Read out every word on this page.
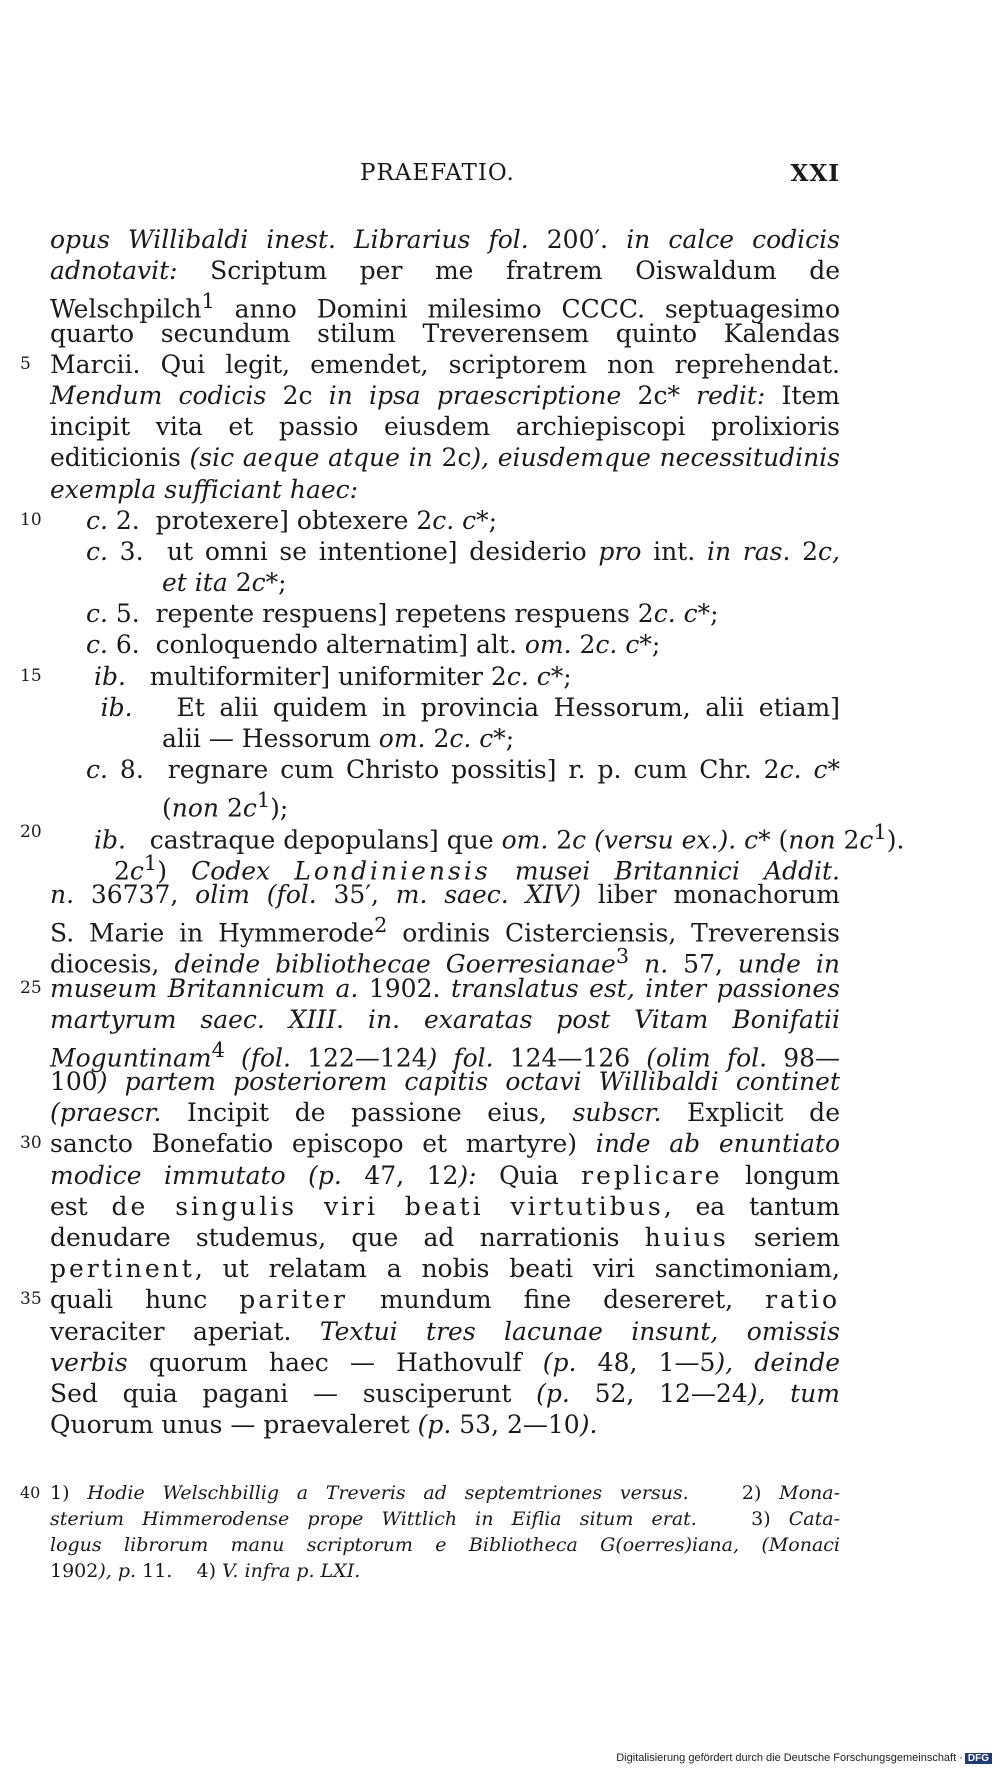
PRAEFATIO.	XXI
opus Willibaldi inest. Librarius fol. 200′. in calce codicis
adnotavit: Scriptum per me fratrem Oiswaldum de
Welschpilch$^1$ anno Domini milesimo CCCC. septuagesimo
quarto secundum stilum Treverensem quinto Kalendas
5 Marcii. Qui legit, emendet, scriptorem non reprehendat.
Mendum codicis 2c in ipsa praescriptione 2c* redit: Item
incipit vita et passio eiusdem archiepiscopi prolixioris
editicionis (sic aeque atque in 2c), eiusdemque necessitudinis
exempla sufficiant haec:
10 c. 2.  protexere] obtexere 2c. c*;
c. 3.  ut omni se intentione] desiderio pro int. in ras. 2c,
et ita 2c*;
c. 5.  repente respuens] repetens respuens 2c. c*;
c. 6.  conloquendo alternatim] alt. om. 2c. c*;
15	ib.   multiformiter] uniformiter 2c. c*;
ib.   Et alii quidem in provincia Hessorum, alii etiam]
alii — Hessorum om. 2c. c*;
c. 8.  regnare cum Christo possitis] r. p. cum Chr. 2c. c*
(non $2c^1$);
20	ib.   castraque depopulans] que om. 2c (versu ex.). c* (non $2c^1$).
$2c^1$) Codex Londiniensis musei Britannici Addit.
n. 36737, olim (fol. 35′, m. saec. XIV) liber monachorum
S. Marie in Hymmerode$^2$ ordinis Cisterciensis, Treverensis
diocesis, deinde bibliothecae Goerresianae$^3$ n. 57, unde in
25 museum Britannicum a. 1902. translatus est, inter passiones
martyrum saec. XIII. in. exaratas post Vitam Bonifatii
Moguntinam$^4$ (fol. 122—124) fol. 124—126 (olim fol. 98—
100) partem posteriorem capitis octavi Willibaldi continet
(praescr. Incipit de passione eius, subscr. Explicit de
30 sancto Bonefatio episcopo et martyre) inde ab enuntiato
modice immutato (p. 47, 12): Quia replicare longum
est de singulis viri beati virtutibus, ea tantum
denudare studemus, que ad narrationis huius seriem
pertinent, ut relatam a nobis beati viri sanctimoniam,
35 quali hunc pariter mundum fine desereret, ratio
veraciter aperiat. Textui tres lacunae insunt, omissis
verbis quorum haec — Hathovulf (p. 48, 1—5), deinde
Sed quia pagani — susciperunt (p. 52, 12—24), tum
Quorum unus — praevaleret (p. 53, 2—10).
40 1) Hodie Welschbillig a Treveris ad septemtriones versus.   2) Mona-
sterium Himmerodense prope Wittlich in Eiflia situm erat.   3) Cata-
logus librorum manu scriptorum e Bibliotheca G(oerres)iana, (Monaci
1902), p. 11.    4) V. infra p. LXI.
Digitalisierung gefördert durch die Deutsche Forschungsgemeinschaft · DFG
